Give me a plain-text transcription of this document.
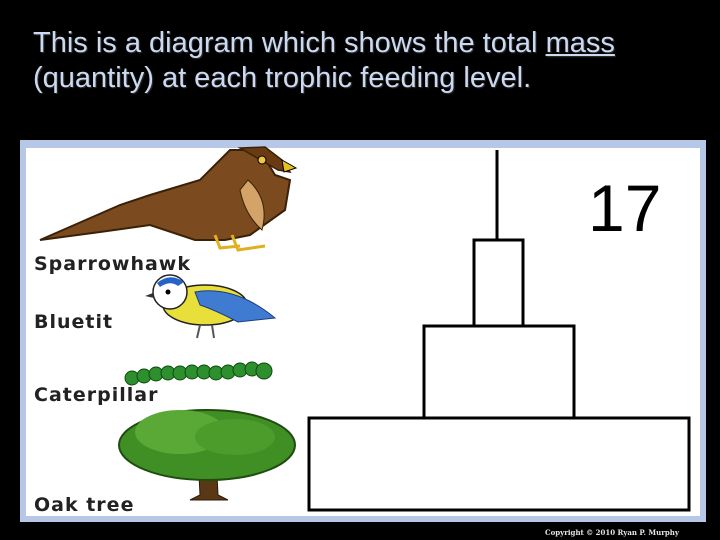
This is a diagram which shows the total mass (quantity) at each trophic feeding level.
Sparrowhawk
Bluetit
Caterpillar
Oak tree
17
Copyright © 2010 Ryan P. Murphy
